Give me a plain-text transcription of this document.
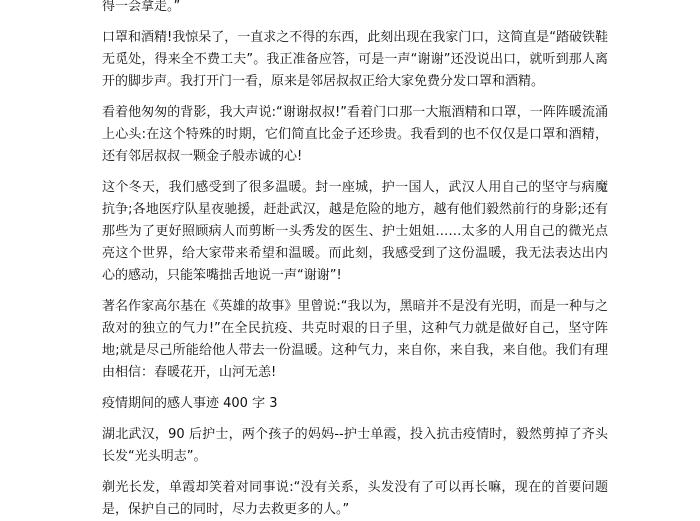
得一会拿走。”

口罩和酒精!我惊呆了，一直求之不得的东西，此刻出现在我家门口，这简直是“踏破铁鞋无觅处，得来全不费工夫”。我正准备应答，可是一声“谢谢”还没说出口，就听到那人离开的脚步声。我打开门一看，原来是邻居叔叔正给大家免费分发口罩和酒精。

看着他匆匆的背影，我大声说:“谢谢叔叔!”看着门口那一大瓶酒精和口罩，一阵阵暖流涌上心头:在这个特殊的时期，它们简直比金子还珍贵。我看到的也不仅仅是口罩和酒精，还有邻居叔叔一颗金子般赤诚的心!

这个冬天，我们感受到了很多温暖。封一座城，护一国人，武汉人用自己的坚守与病魔抗争;各地医疗队星夜驰援，赶赴武汉，越是危险的地方，越有他们毅然前行的身影;还有那些为了更好照顾病人而剪断一头秀发的医生、护士姐姐……太多的人用自己的微光点亮这个世界，给大家带来希望和温暖。而此刻，我感受到了这份温暖，我无法表达出内心的感动，只能笨嘴拙舌地说一声“谢谢”!

著名作家高尔基在《英雄的故事》里曾说:“我以为，黑暗并不是没有光明，而是一种与之敌对的独立的气力!”在全民抗疫、共克时艰的日子里，这种气力就是做好自己，坚守阵地;就是尽己所能给他人带去一份温暖。这种气力，来自你，来自我，来自他。我们有理由相信：春暖花开，山河无恙!

疫情期间的感人事迹 400 字 3

湖北武汉，90 后护士，两个孩子的妈妈--护士单霞，投入抗击疫情时，毅然剪掉了齐头长发“光头明志”。

剃光长发，单霞却笑着对同事说:“没有关系，头发没有了可以再长嘛，现在的首要问题是，保护自己的同时，尽力去救更多的人。”
